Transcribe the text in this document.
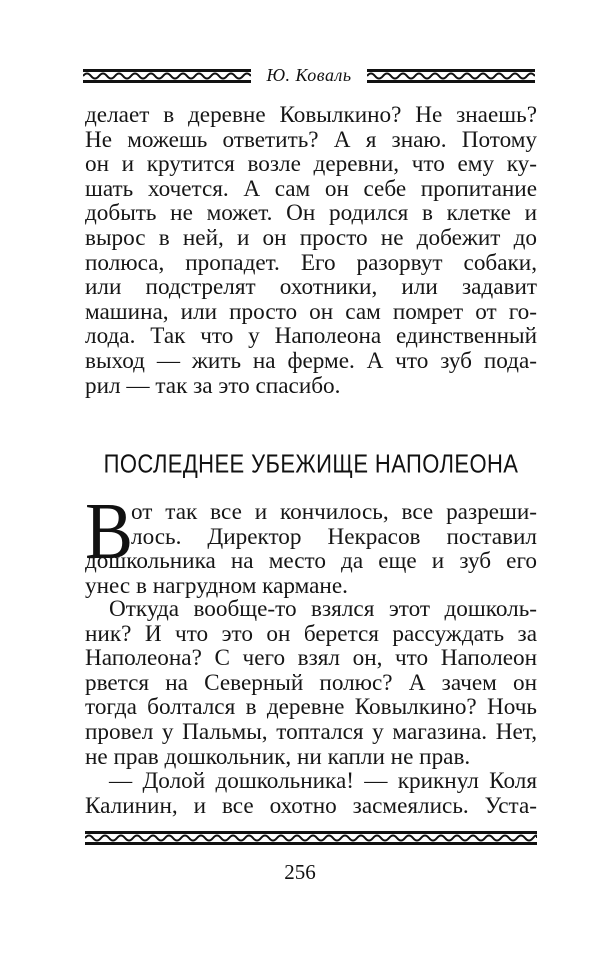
Ю. Коваль
делает в деревне Ковылкино? Не знаешь?
Не можешь ответить? А я знаю. Потому
он и крутится возле деревни, что ему ку-
шать хочется. А сам он себе пропитание
добыть не может. Он родился в клетке и
вырос в ней, и он просто не добежит до
полюса, пропадет. Его разорвут собаки,
или подстрелят охотники, или задавит
машина, или просто он сам помрет от го-
лода. Так что у Наполеона единственный
выход — жить на ферме. А что зуб пода-
рил — так за это спасибо.
ПОСЛЕДНЕЕ УБЕЖИЩЕ НАПОЛЕОНА
В
от так все и кончилось, все разреши-
лось. Директор Некрасов поставил
дошкольника на место да еще и зуб его
унес в нагрудном кармане.
Откуда вообще-то взялся этот дошколь-
ник? И что это он берется рассуждать за
Наполеона? С чего взял он, что Наполеон
рвется на Северный полюс? А зачем он
тогда болтался в деревне Ковылкино? Ночь
провел у Пальмы, топтался у магазина. Нет,
не прав дошкольник, ни капли не прав.
— Долой дошкольника! — крикнул Коля
Калинин, и все охотно засмеялись. Уста-
256
